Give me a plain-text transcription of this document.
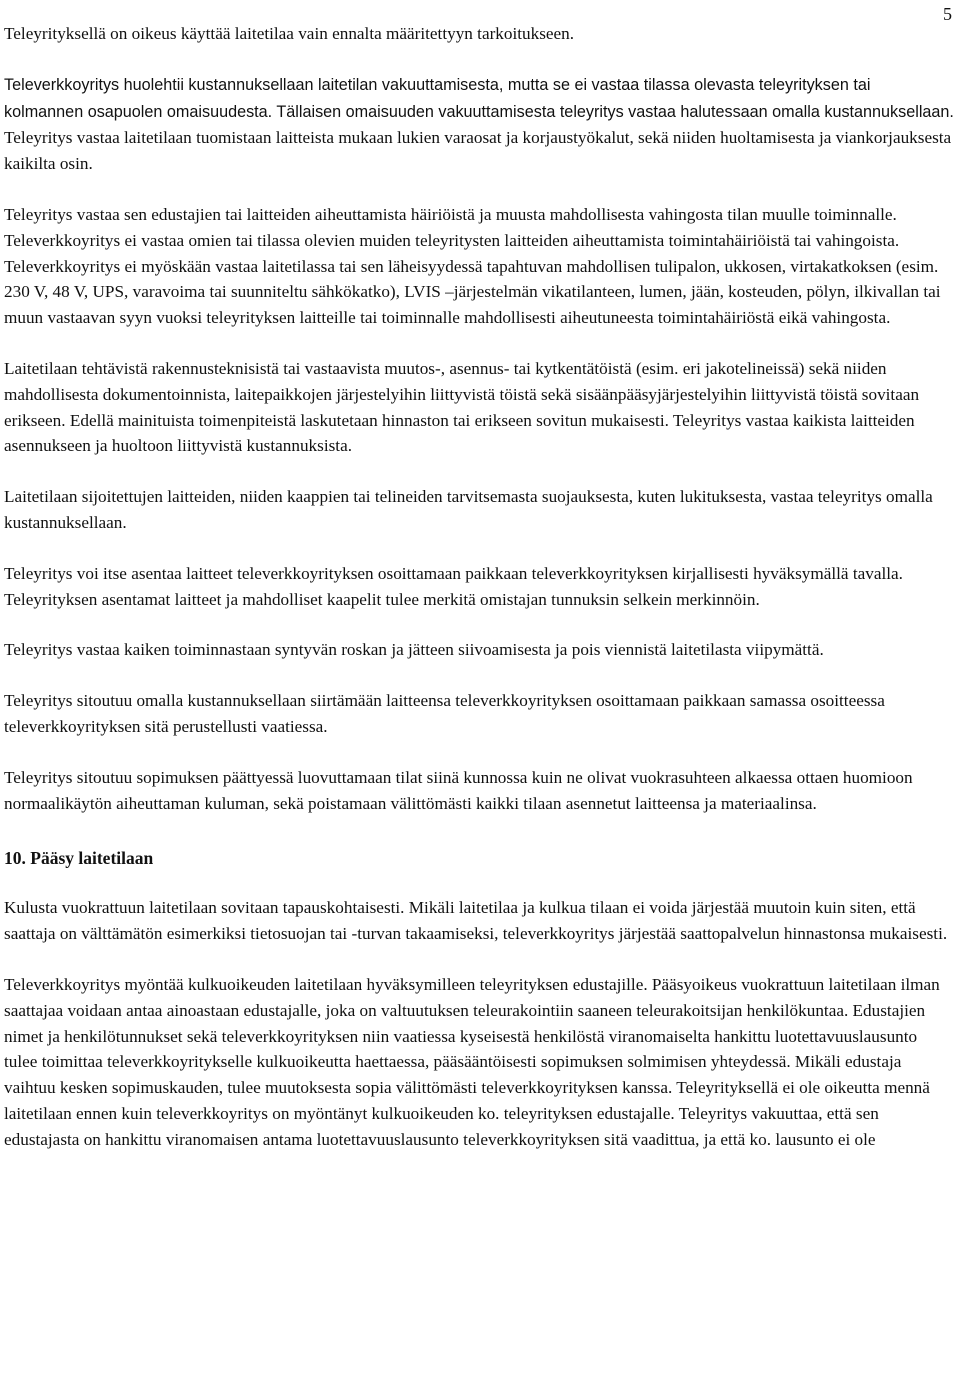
5

Teleyrityksellä on oikeus käyttää laitetilaa vain ennalta määritettyyn tarkoitukseen.

Televerkkoyritys huolehtii kustannuksellaan laitetilan vakuuttamisesta, mutta se ei vastaa tilassa olevasta teleyrityksen tai kolmannen osapuolen omaisuudesta. Tällaisen omaisuuden vakuuttamisesta teleyritys vastaa halutessaan omalla kustannuksellaan. Teleyritys vastaa laitetilaan tuomistaan laitteista mukaan lukien varaosat ja korjaustyökalut, sekä niiden huoltamisesta ja viankorjauksesta kaikilta osin.

Teleyritys vastaa sen edustajien tai laitteiden aiheuttamista häiriöistä ja muusta mahdollisesta vahingosta tilan muulle toiminnalle. Televerkkoyritys ei vastaa omien tai tilassa olevien muiden teleyritysten laitteiden aiheuttamista toimintahäiriöistä tai vahingoista. Televerkkoyritys ei myöskään vastaa laitetilassa tai sen läheisyydessä tapahtuvan mahdollisen tulipalon, ukkosen, virtakatkoksen (esim. 230 V, 48 V, UPS, varavoima tai suunniteltu sähkökatko), LVIS –järjestelmän vikatilanteen, lumen, jään, kosteuden, pölyn, ilkivallan tai muun vastaavan syyn vuoksi teleyrityksen laitteille tai toiminnalle mahdollisesti aiheutuneesta toimintahäiriöstä eikä vahingosta.

Laitetilaan tehtävistä rakennusteknisistä tai vastaavista muutos-, asennus- tai kytkentätöistä (esim. eri jakotelineissä) sekä niiden mahdollisesta dokumentoinnista, laitepaikkojen järjestelyihin liittyvistä töistä sekä sisäänpääsyjärjestelyihin liittyvistä töistä sovitaan erikseen. Edellä mainituista toimenpiteistä laskutetaan hinnaston tai erikseen sovitun mukaisesti. Teleyritys vastaa kaikista laitteiden asennukseen ja huoltoon liittyvistä kustannuksista.

Laitetilaan sijoitettujen laitteiden, niiden kaappien tai telineiden tarvitsemasta suojauksesta, kuten lukituksesta, vastaa teleyritys omalla kustannuksellaan.

Teleyritys voi itse asentaa laitteet televerkkoyrityksen osoittamaan paikkaan televerkkoyrityksen kirjallisesti hyväksymällä tavalla. Teleyrityksen asentamat laitteet ja mahdolliset kaapelit tulee merkitä omistajan tunnuksin selkein merkinnöin.

Teleyritys vastaa kaiken toiminnastaan syntyvän roskan ja jätteen siivoamisesta ja pois viennistä laitetilasta viipymättä.

Teleyritys sitoutuu omalla kustannuksellaan siirtämään laitteensa televerkkoyrityksen osoittamaan paikkaan samassa osoitteessa televerkkoyrityksen sitä perustellusti vaatiessa.

Teleyritys sitoutuu sopimuksen päättyessä luovuttamaan tilat siinä kunnossa kuin ne olivat vuokrasuhteen alkaessa ottaen huomioon normaalikäytön aiheuttaman kuluman, sekä poistamaan välittömästi kaikki tilaan asennetut laitteensa ja materiaalinsa.

10. Pääsy laitetilaan

Kulusta vuokrattuun laitetilaan sovitaan tapauskohtaisesti. Mikäli laitetilaa ja kulkua tilaan ei voida järjestää muutoin kuin siten, että saattaja on välttämätön esimerkiksi tietosuojan tai -turvan takaamiseksi, televerkkoyritys järjestää saattopalvelun hinnastonsa mukaisesti.

Televerkkoyritys myöntää kulkuoikeuden laitetilaan hyväksymilleen teleyrityksen edustajille. Pääsyoikeus vuokrattuun laitetilaan ilman saattajaa voidaan antaa ainoastaan edustajalle, joka on valtuutuksen teleurakointiin saaneen teleurakoitsijan henkilökuntaa. Edustajien nimet ja henkilötunnukset sekä televerkkoyrityksen niin vaatiessa kyseisestä henkilöstä viranomaiselta hankittu luotettavuuslausunto tulee toimittaa televerkkoyritykselle kulkuoikeutta haettaessa, pääsääntöisesti sopimuksen solmimisen yhteydessä. Mikäli edustaja vaihtuu kesken sopimuskauden, tulee muutoksesta sopia välittömästi televerkkoyrityksen kanssa. Teleyrityksellä ei ole oikeutta mennä laitetilaan ennen kuin televerkkoyritys on myöntänyt kulkuoikeuden ko. teleyrityksen edustajalle. Teleyritys vakuuttaa, että sen edustajasta on hankittu viranomaisen antama luotettavuuslausunto televerkkoyrityksen sitä vaadittua, ja että ko. lausunto ei ole
